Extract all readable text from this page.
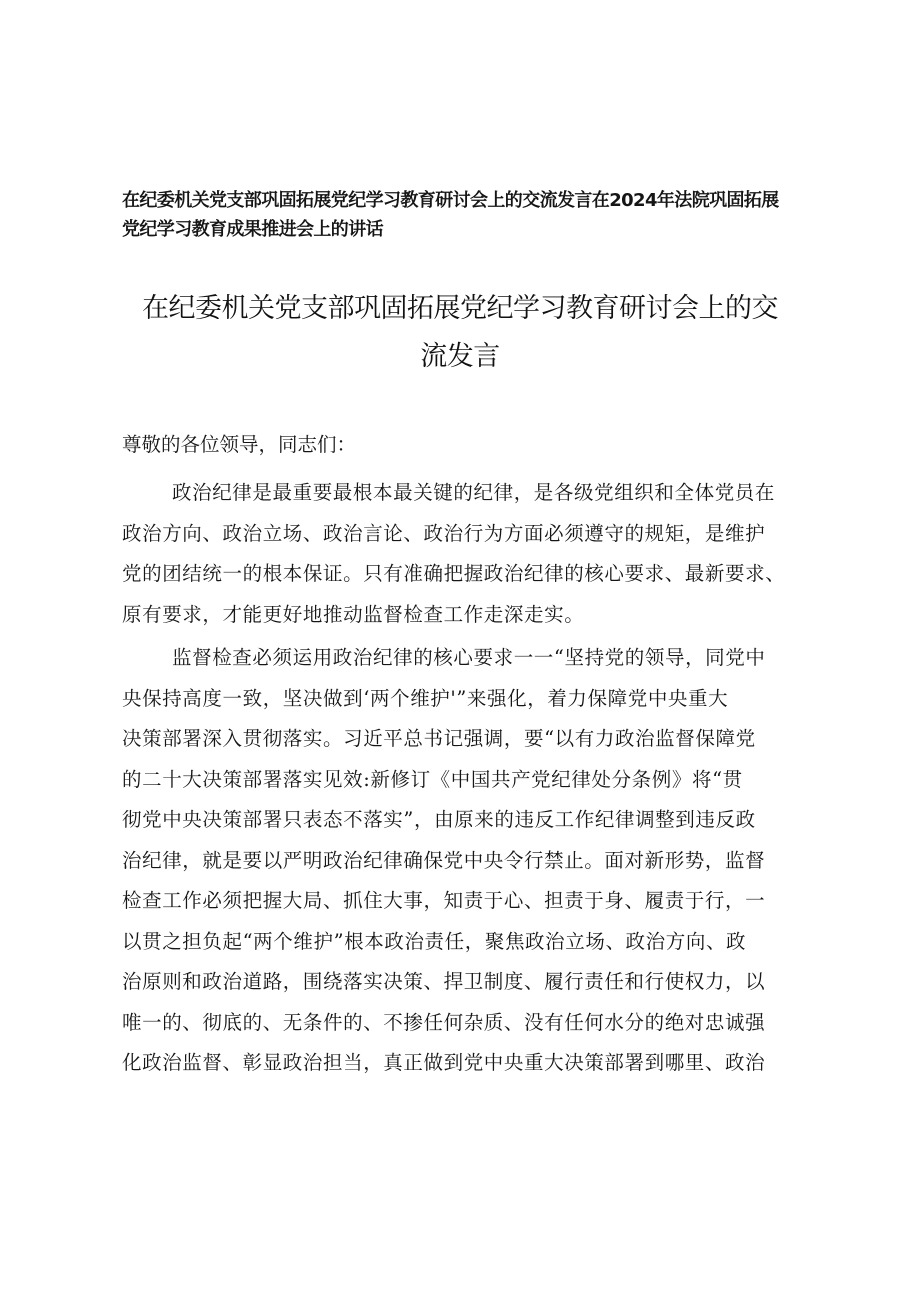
在纪委机关党支部巩固拓展党纪学习教育研讨会上的交流发言在2024年法院巩固拓展
党纪学习教育成果推进会上的讲话
在纪委机关党支部巩固拓展党纪学习教育研讨会上的交
流发言
尊敬的各位领导，同志们：
政治纪律是最重要最根本最关键的纪律，是各级党组织和全体党员在
政治方向、政治立场、政治言论、政治行为方面必须遵守的规矩，是维护
党的团结统一的根本保证。只有准确把握政治纪律的核心要求、最新要求、
原有要求，才能更好地推动监督检查工作走深走实。
监督检查必须运用政治纪律的核心要求一一“坚持党的领导，同党中
央保持高度一致，坚决做到‘两个维护'”来强化，着力保障党中央重大
决策部署深入贯彻落实。习近平总书记强调，要“以有力政治监督保障党
的二十大决策部署落实见效:新修订《中国共产党纪律处分条例》将“贯
彻党中央决策部署只表态不落实”，由原来的违反工作纪律调整到违反政
治纪律，就是要以严明政治纪律确保党中央令行禁止。面对新形势，监督
检查工作必须把握大局、抓住大事，知责于心、担责于身、履责于行，一
以贯之担负起“两个维护”根本政治责任，聚焦政治立场、政治方向、政
治原则和政治道路，围绕落实决策、捍卫制度、履行责任和行使权力，以
唯一的、彻底的、无条件的、不掺任何杂质、没有任何水分的绝对忠诚强
化政治监督、彰显政治担当，真正做到党中央重大决策部署到哪里、政治
